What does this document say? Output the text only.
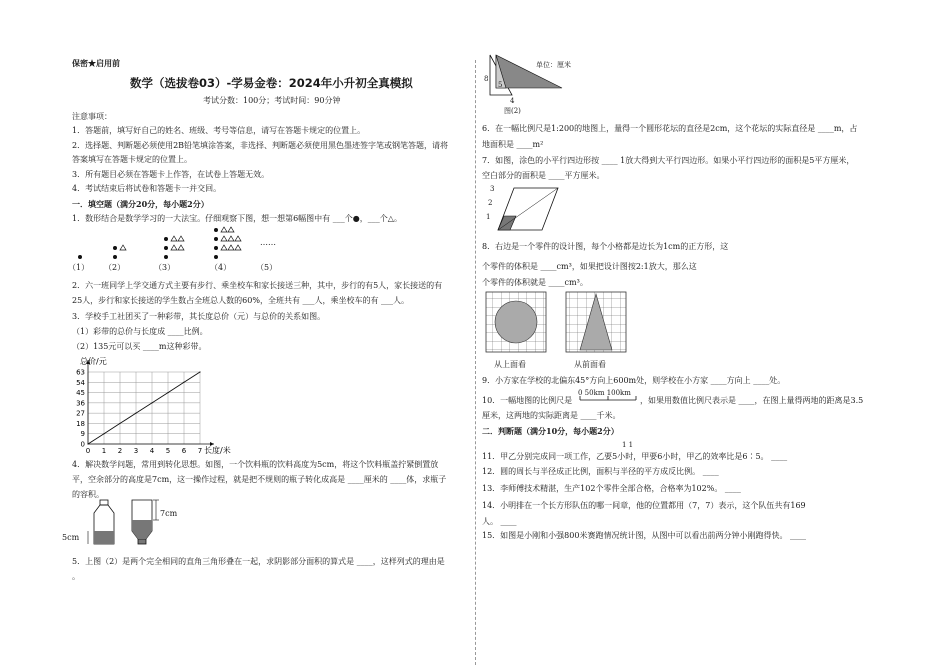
保密★启用前
数学（选拔卷03）-学易金卷：2024年小升初全真模拟
考试分数：100分；考试时间：90分钟
注意事项：
1．答题前，填写好自己的姓名、班级、考号等信息，请写在答题卡规定的位置上。
2．选择题、判断题必须使用2B铅笔填涂答案，非选择、判断题必须使用黑色墨迹签字笔或钢笔答题，请将
答案填写在答题卡规定的位置上。
3．所有题目必须在答题卡上作答，在试卷上答题无效。
4．考试结束后将试卷和答题卡一并交回。
一．填空题（满分20分，每小题2分）
1．数形结合是数学学习的一大法宝。仔细观察下图，想一想第6幅图中有 ___个●，___个△。
……
（1） （2）	（3）	（4）	（5）
2．六一班同学上学交通方式主要有步行、乘坐校车和家长接送三种，其中，步行的有5人，家长接送的有
25人，步行和家长接送的学生数占全班总人数的60%，全班共有 ___人，乘坐校车的有 ___人。
3．学校手工社团买了一种彩带，其长度总价（元）与总价的关系如图。
（1）彩带的总价与长度成 ____比例。
（2）135元可以买 ____m这种彩带。
0 1 2 3 4 5 6 7
0
9
18
27
36
45
54
63
总价/元
长度/米
4．解决数学问题，常用到转化思想。如图，一个饮料瓶的饮料高度为5cm，将这个饮料瓶盖拧紧倒置放
平，空余部分的高度是7cm，这一操作过程，就是把不规则的瓶子转化成高是 ____厘米的 ____体，求瓶子
的容积。
7cm
5cm
5．上图（2）是两个完全相同的直角三角形叠在一起，求阴影部分面积的算式是 ____，这样列式的理由是
。
单位：厘米
8
5
4
图(2)
6．在一幅比例尺是1:200的地图上，量得一个圆形花坛的直径是2cm，这个花坛的实际直径是 ____m，占
地面积是 ____m²
7．如图，涂色的小平行四边形按 ____ 1放大得到大平行四边形。如果小平行四边形的面积是5平方厘米，
空白部分的面积是 ____平方厘米。
3
2
1
8．右边是一个零件的设计图，每个小格都是边长为1cm的正方形，这
个零件的体积是 ____cm³，如果把设计图按2:1放大，那么这
个零件的体积就是 ____cm³。
从上面看	从前面看
9．小方家在学校的北偏东45°方向上600m处，则学校在小方家 ____方向上 ____处。
10．一幅地图的比例尺是
0 50km 100km
，如果用数值比例尺表示是 ____，在图上量得两地的距离是3.5
厘米，这两地的实际距离是 ____千米。
二．判断题（满分10分，每小题2分）
1 1
11．甲乙分别完成同一项工作，乙要5小时，甲要6小时，甲乙的效率比是6∶5。 ____
12．圆的周长与半径成正比例，面积与半径的平方成反比例。 ____
13．李师傅技术精湛，生产102个零件全部合格，合格率为102%。 ____
14．小明排在一个长方形队伍的哪一间章，他的位置都用（7，7）表示，这个队伍共有169
人。 ____
15．如图是小刚和小强800米赛跑情况统计图，从图中可以看出前两分钟小刚跑得快。 ____
